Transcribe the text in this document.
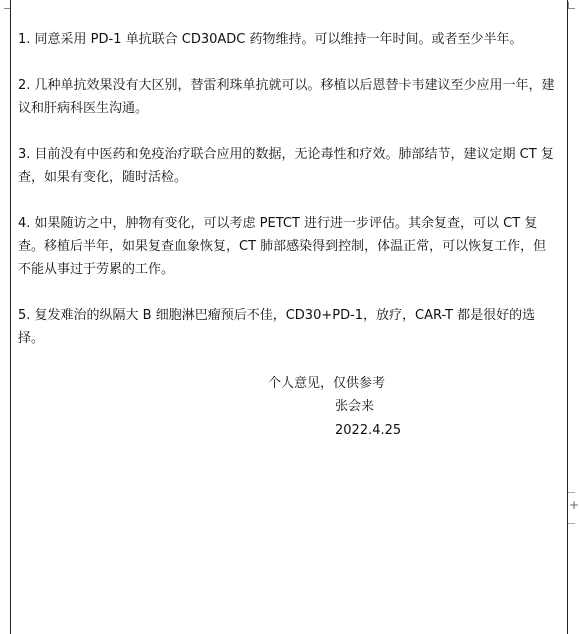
+

1. 同意采用 PD-1 单抗联合 CD30ADC 药物维持。可以维持一年时间。或者至少半年。

2. 几种单抗效果没有大区别，替雷利珠单抗就可以。移植以后恩替卡韦建议至少应用一年，建议和肝病科医生沟通。

3. 目前没有中医药和免疫治疗联合应用的数据，无论毒性和疗效。肺部结节，建议定期 CT 复查，如果有变化，随时活检。

4. 如果随访之中，肿物有变化，可以考虑 PETCT 进行进一步评估。其余复查，可以 CT 复查。移植后半年，如果复查血象恢复，CT 肺部感染得到控制，体温正常，可以恢复工作，但不能从事过于劳累的工作。

5. 复发难治的纵隔大 B 细胞淋巴瘤预后不佳，CD30+PD-1，放疗，CAR-T 都是很好的选择。

个人意见，仅供参考
张会来
2022.4.25
